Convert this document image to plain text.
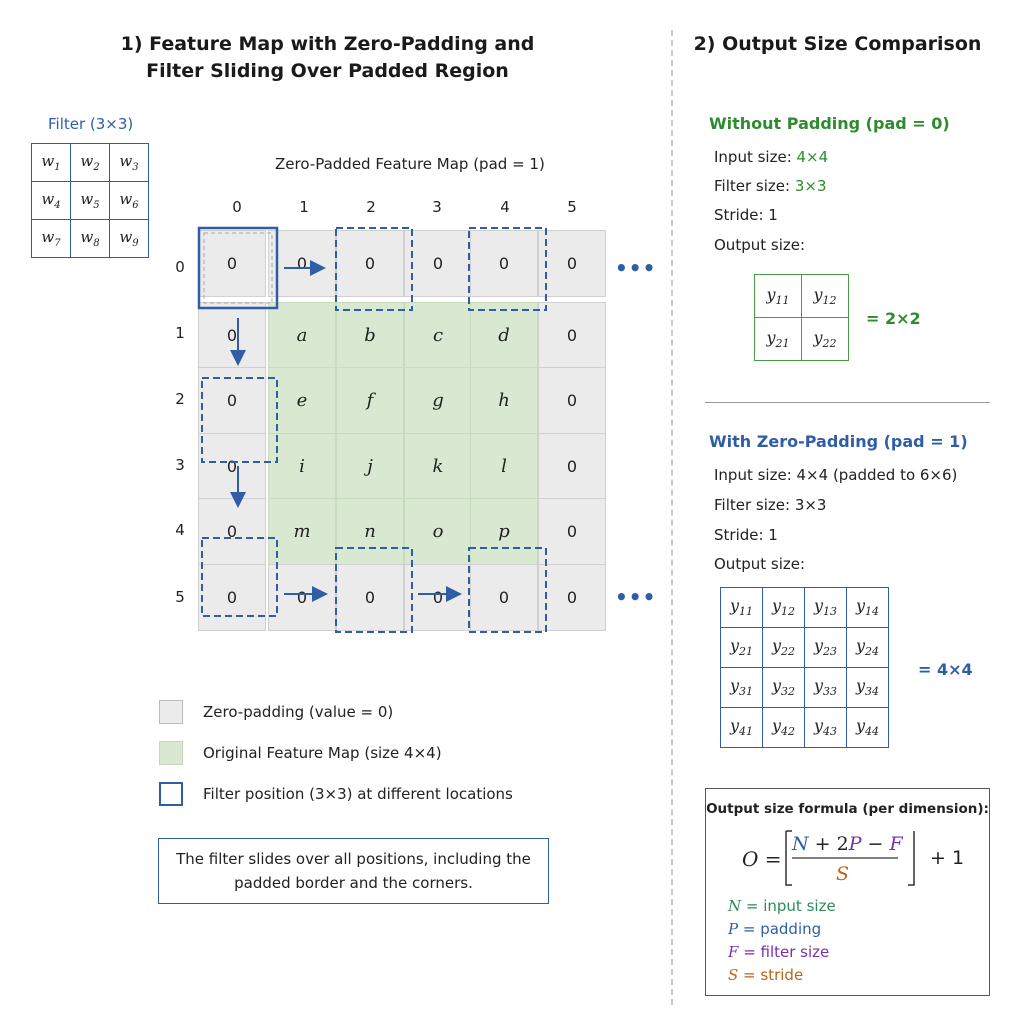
1) Feature Map with Zero-Padding and
Filter Sliding Over Padded Region
Filter (3×3)
$w_1$	$w_2$	$w_3$
$w_4$	$w_5$	$w_6$
$w_7$	$w_8$	$w_9$
Zero-Padded Feature Map (pad = 1)
0	1	2	3	4	5
0
1
2
3
4
5
0	0	0	0	0	0
0	a	b	c	d	0
0	e	f	g	h	0
0	i	j	k	l	0
0	m	n	o	p	0
0	0	0	0	0	0
•••
•••
Zero-padding (value = 0)
Original Feature Map (size 4×4)
Filter position (3×3) at different locations
The filter slides over all positions, including the
padded border and the corners.
2) Output Size Comparison
Without Padding (pad = 0)
Input size: 4×4
Filter size: 3×3
Stride: 1
Output size:
$y_{11}$	$y_{12}$
$y_{21}$	$y_{22}$
= 2×2
With Zero-Padding (pad = 1)
Input size: 4×4 (padded to 6×6)
Filter size: 3×3
Stride: 1
Output size:
$y_{11}$	$y_{12}$	$y_{13}$	$y_{14}$
$y_{21}$	$y_{22}$	$y_{23}$	$y_{24}$
$y_{31}$	$y_{32}$	$y_{33}$	$y_{34}$
$y_{41}$	$y_{42}$	$y_{43}$	$y_{44}$
= 4×4
Output size formula (per dimension):
O =
N + 2P − F
S
+ 1
N = input size
P = padding
F = filter size
S = stride
